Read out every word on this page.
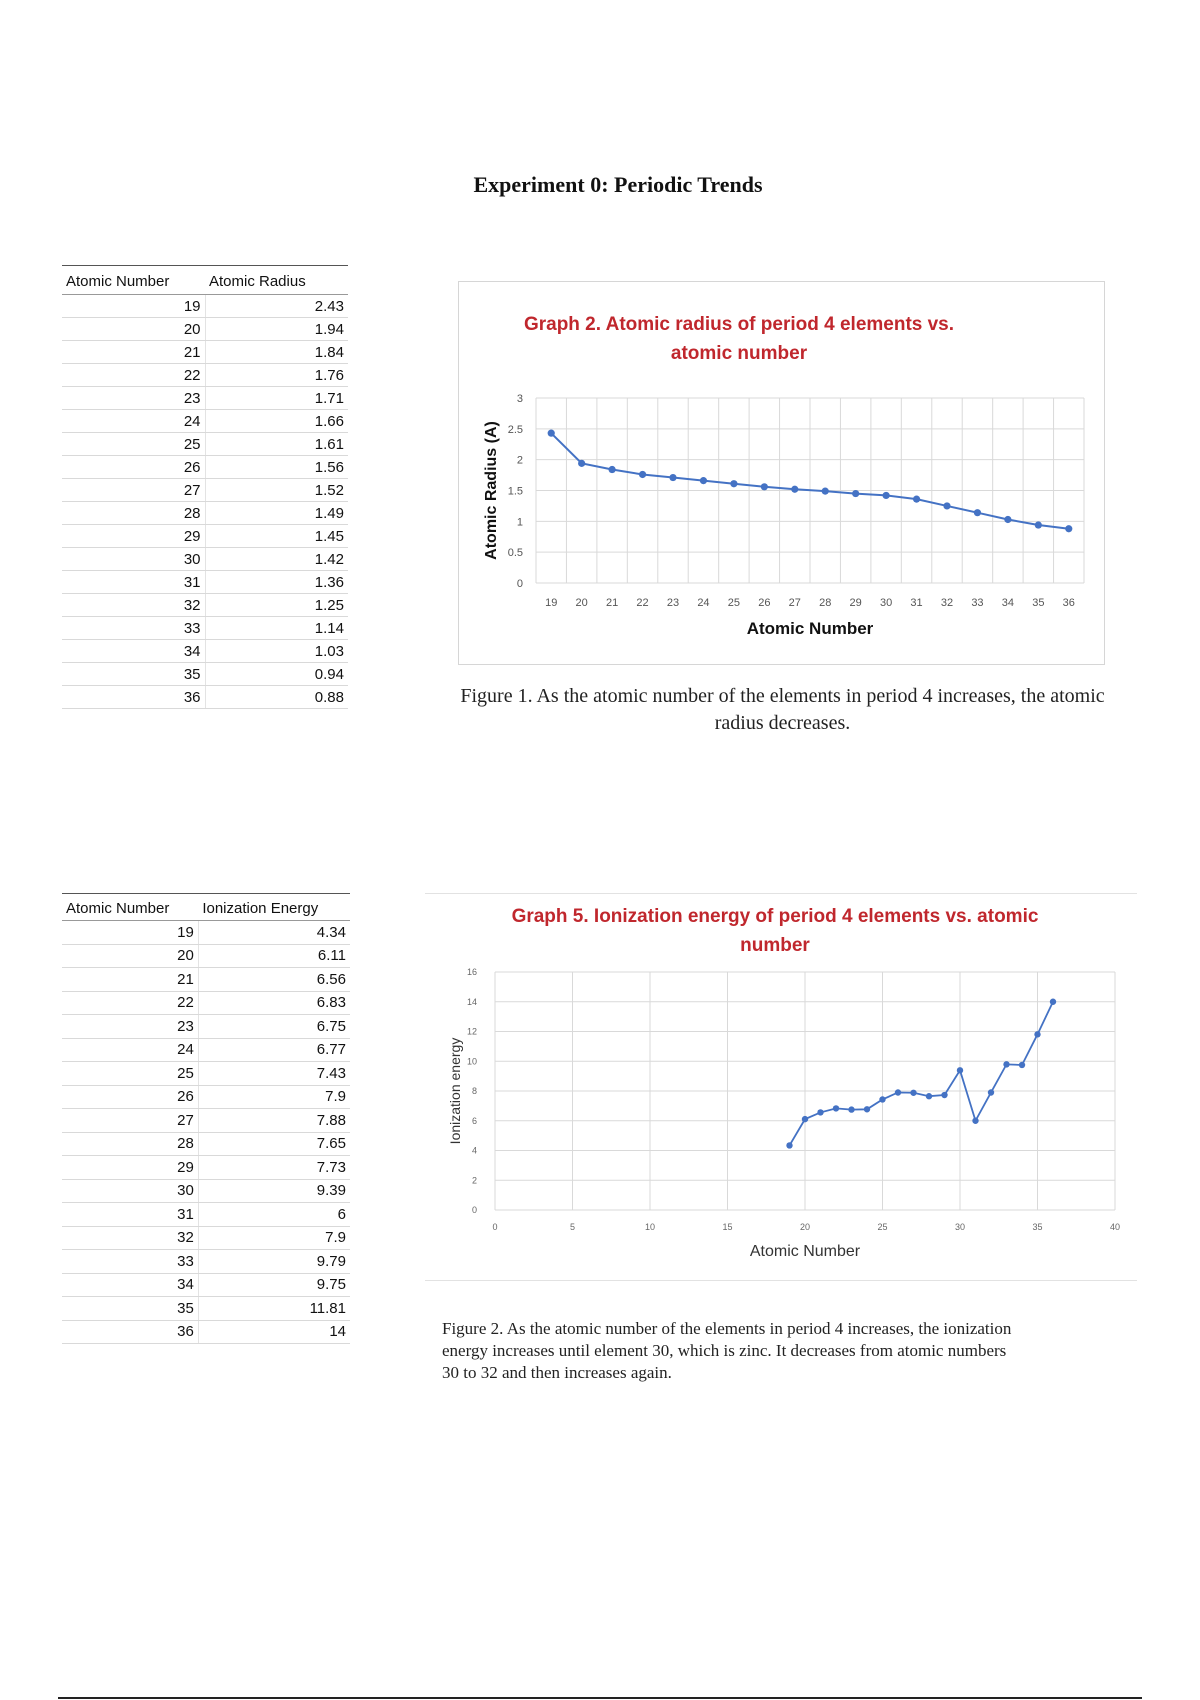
Experiment 0: Periodic Trends
Atomic Number	Atomic Radius
19	2.43
20	1.94
21	1.84
22	1.76
23	1.71
24	1.66
25	1.61
26	1.56
27	1.52
28	1.49
29	1.45
30	1.42
31	1.36
32	1.25
33	1.14
34	1.03
35	0.94
36	0.88
Graph 2. Atomic radius of period 4 elements vs. atomic number
0
0.5
1
1.5
2
2.5
3
19 20 21 22 23 24 25 26 27 28 29 30 31 32 33 34 35 36
Atomic Number
Atomic Radius (A)
Figure 1. As the atomic number of the elements in period 4 increases, the atomic radius decreases.
Atomic Number	Ionization Energy
19	4.34
20	6.11
21	6.56
22	6.83
23	6.75
24	6.77
25	7.43
26	7.9
27	7.88
28	7.65
29	7.73
30	9.39
31	6
32	7.9
33	9.79
34	9.75
35	11.81
36	14
Graph 5. Ionization energy of period 4 elements vs. atomic number
0
2
4
6
8
10
12
14
16
0	5	10	15	20	25	30	35	40
Atomic Number
Ionization energy
Figure 2. As the atomic number of the elements in period 4 increases, the ionization energy increases until element 30, which is zinc. It decreases from atomic numbers 30 to 32 and then increases again.
